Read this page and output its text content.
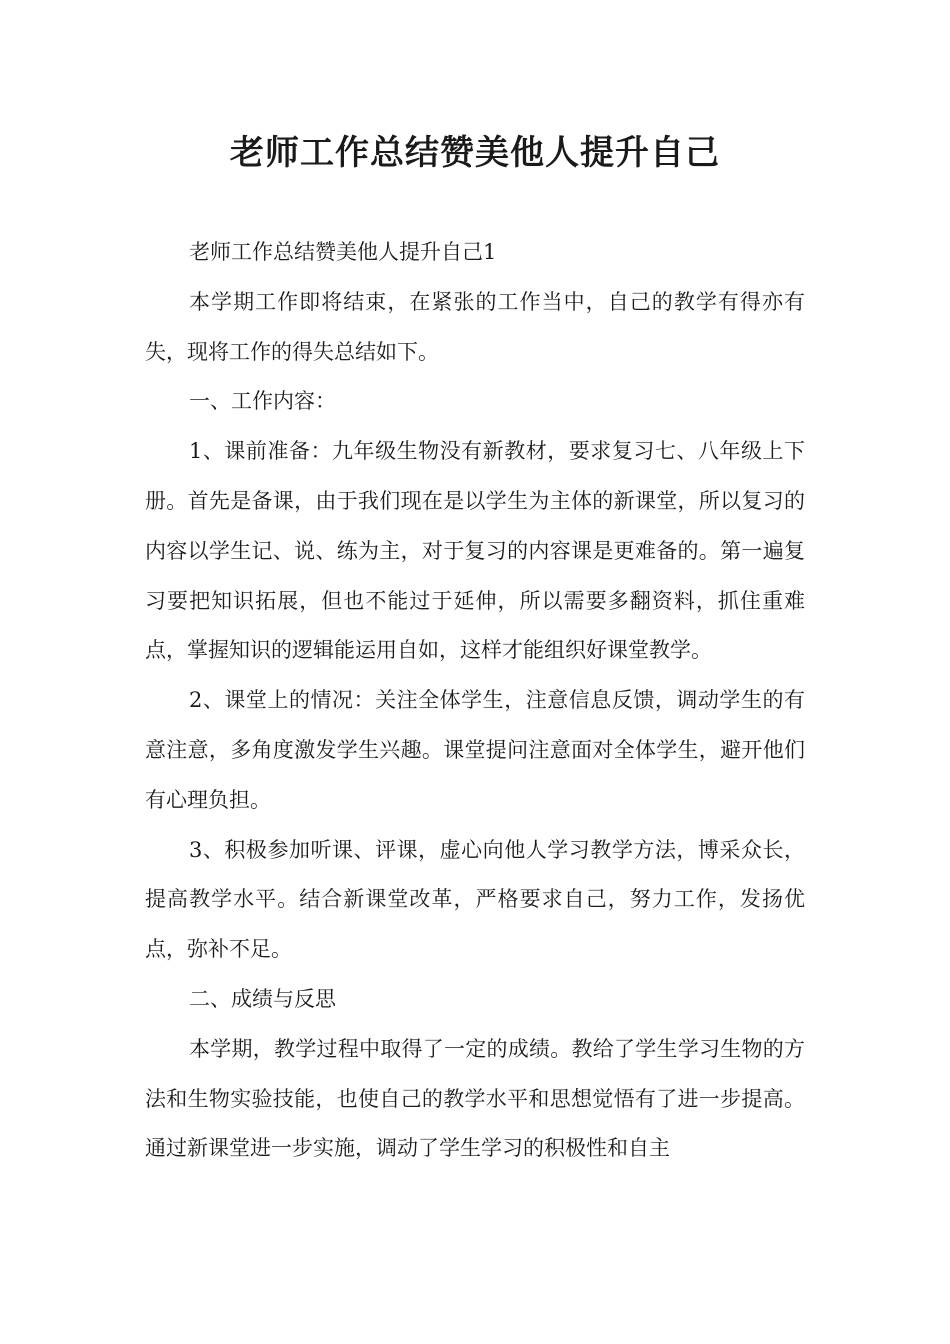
老师工作总结赞美他人提升自己

老师工作总结赞美他人提升自己1

本学期工作即将结束，在紧张的工作当中，自己的教学有得亦有失，现将工作的得失总结如下。

一、工作内容：

1、课前准备：九年级生物没有新教材，要求复习七、八年级上下册。首先是备课，由于我们现在是以学生为主体的新课堂，所以复习的内容以学生记、说、练为主，对于复习的内容课是更难备的。第一遍复习要把知识拓展，但也不能过于延伸，所以需要多翻资料，抓住重难点，掌握知识的逻辑能运用自如，这样才能组织好课堂教学。

2、课堂上的情况：关注全体学生，注意信息反馈，调动学生的有意注意，多角度激发学生兴趣。课堂提问注意面对全体学生，避开他们有心理负担。

3、积极参加听课、评课，虚心向他人学习教学方法，博采众长，提高教学水平。结合新课堂改革，严格要求自己，努力工作，发扬优点，弥补不足。

二、成绩与反思

本学期，教学过程中取得了一定的成绩。教给了学生学习生物的方法和生物实验技能，也使自己的教学水平和思想觉悟有了进一步提高。通过新课堂进一步实施，调动了学生学习的积极性和自主
